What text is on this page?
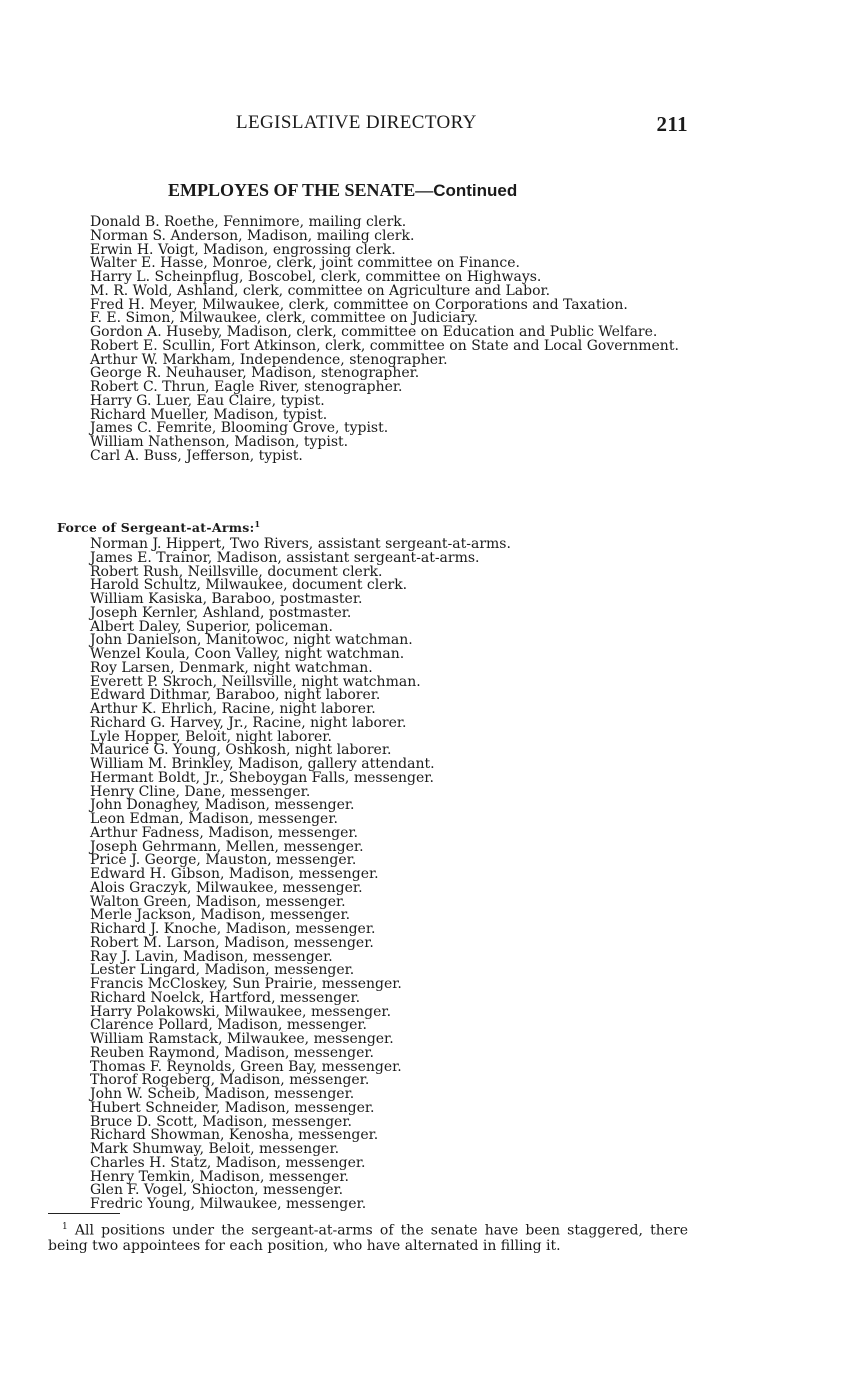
LEGISLATIVE DIRECTORY	211
EMPLOYES OF THE SENATE—Continued
Donald B. Roethe, Fennimore, mailing clerk.
Norman S. Anderson, Madison, mailing clerk.
Erwin H. Voigt, Madison, engrossing clerk.
Walter E. Hasse, Monroe, clerk, joint committee on Finance.
Harry L. Scheinpflug, Boscobel, clerk, committee on Highways.
M. R. Wold, Ashland, clerk, committee on Agriculture and Labor.
Fred H. Meyer, Milwaukee, clerk, committee on Corporations and Taxation.
F. E. Simon, Milwaukee, clerk, committee on Judiciary.
Gordon A. Huseby, Madison, clerk, committee on Education and Public Welfare.
Robert E. Scullin, Fort Atkinson, clerk, committee on State and Local Government.
Arthur W. Markham, Independence, stenographer.
George R. Neuhauser, Madison, stenographer.
Robert C. Thrun, Eagle River, stenographer.
Harry G. Luer, Eau Claire, typist.
Richard Mueller, Madison, typist.
James C. Femrite, Blooming Grove, typist.
William Nathenson, Madison, typist.
Carl A. Buss, Jefferson, typist.
Force of Sergeant-at-Arms:$^1$
Norman J. Hippert, Two Rivers, assistant sergeant-at-arms.
James E. Trainor, Madison, assistant sergeant-at-arms.
Robert Rush, Neillsville, document clerk.
Harold Schultz, Milwaukee, document clerk.
William Kasiska, Baraboo, postmaster.
Joseph Kernler, Ashland, postmaster.
Albert Daley, Superior, policeman.
John Danielson, Manitowoc, night watchman.
Wenzel Koula, Coon Valley, night watchman.
Roy Larsen, Denmark, night watchman.
Everett P. Skroch, Neillsville, night watchman.
Edward Dithmar, Baraboo, night laborer.
Arthur K. Ehrlich, Racine, night laborer.
Richard G. Harvey, Jr., Racine, night laborer.
Lyle Hopper, Beloit, night laborer.
Maurice G. Young, Oshkosh, night laborer.
William M. Brinkley, Madison, gallery attendant.
Hermant Boldt, Jr., Sheboygan Falls, messenger.
Henry Cline, Dane, messenger.
John Donaghey, Madison, messenger.
Leon Edman, Madison, messenger.
Arthur Fadness, Madison, messenger.
Joseph Gehrmann, Mellen, messenger.
Price J. George, Mauston, messenger.
Edward H. Gibson, Madison, messenger.
Alois Graczyk, Milwaukee, messenger.
Walton Green, Madison, messenger.
Merle Jackson, Madison, messenger.
Richard J. Knoche, Madison, messenger.
Robert M. Larson, Madison, messenger.
Ray J. Lavin, Madison, messenger.
Lester Lingard, Madison, messenger.
Francis McCloskey, Sun Prairie, messenger.
Richard Noelck, Hartford, messenger.
Harry Polakowski, Milwaukee, messenger.
Clarence Pollard, Madison, messenger.
William Ramstack, Milwaukee, messenger.
Reuben Raymond, Madison, messenger.
Thomas F. Reynolds, Green Bay, messenger.
Thorof Rogeberg, Madison, messenger.
John W. Scheib, Madison, messenger.
Hubert Schneider, Madison, messenger.
Bruce D. Scott, Madison, messenger.
Richard Showman, Kenosha, messenger.
Mark Shumway, Beloit, messenger.
Charles H. Statz, Madison, messenger.
Henry Temkin, Madison, messenger.
Glen F. Vogel, Shiocton, messenger.
Fredric Young, Milwaukee, messenger.
$^1$ All positions under the sergeant-at-arms of the senate have been staggered, there being two appointees for each position, who have alternated in filling it.
